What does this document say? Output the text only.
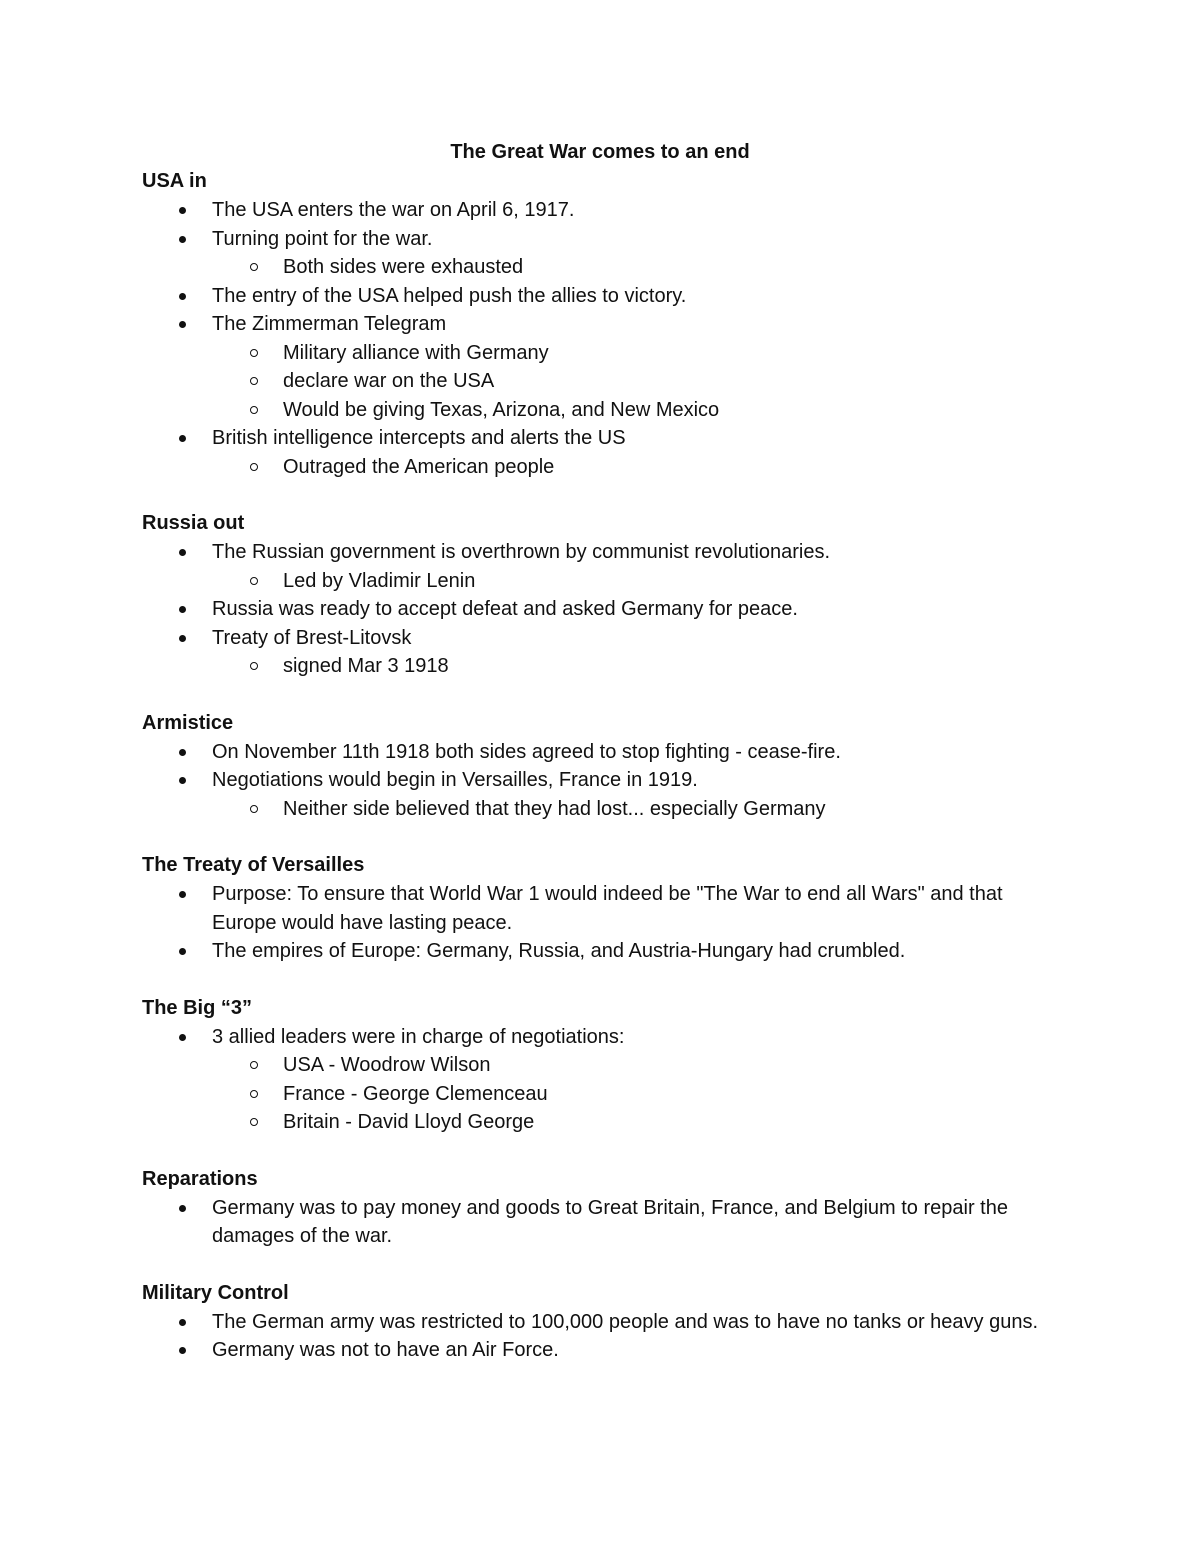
The Great War comes to an end
USA in
The USA enters the war on April 6, 1917.
Turning point for the war.
Both sides were exhausted
The entry of the USA helped push the allies to victory.
The Zimmerman Telegram
Military alliance with Germany
declare war on the USA
Would be giving Texas, Arizona, and New Mexico
British intelligence intercepts and alerts the US
Outraged the American people
Russia out
The Russian government is overthrown by communist revolutionaries.
Led by Vladimir Lenin
Russia was ready to accept defeat and asked Germany for peace.
Treaty of Brest-Litovsk
signed Mar 3 1918
Armistice
On November 11th 1918 both sides agreed to stop fighting - cease-fire.
Negotiations would begin in Versailles, France in 1919.
Neither side believed that they had lost... especially Germany
The Treaty of Versailles
Purpose: To ensure that World War 1 would indeed be "The War to end all Wars" and that Europe would have lasting peace.
The empires of Europe: Germany, Russia, and Austria-Hungary had crumbled.
The Big “3”
3 allied leaders were in charge of negotiations:
USA - Woodrow Wilson
France - George Clemenceau
Britain - David Lloyd George
Reparations
Germany was to pay money and goods to Great Britain, France, and Belgium to repair the damages of the war.
Military Control
The German army was restricted to 100,000 people and was to have no tanks or heavy guns.
Germany was not to have an Air Force.
